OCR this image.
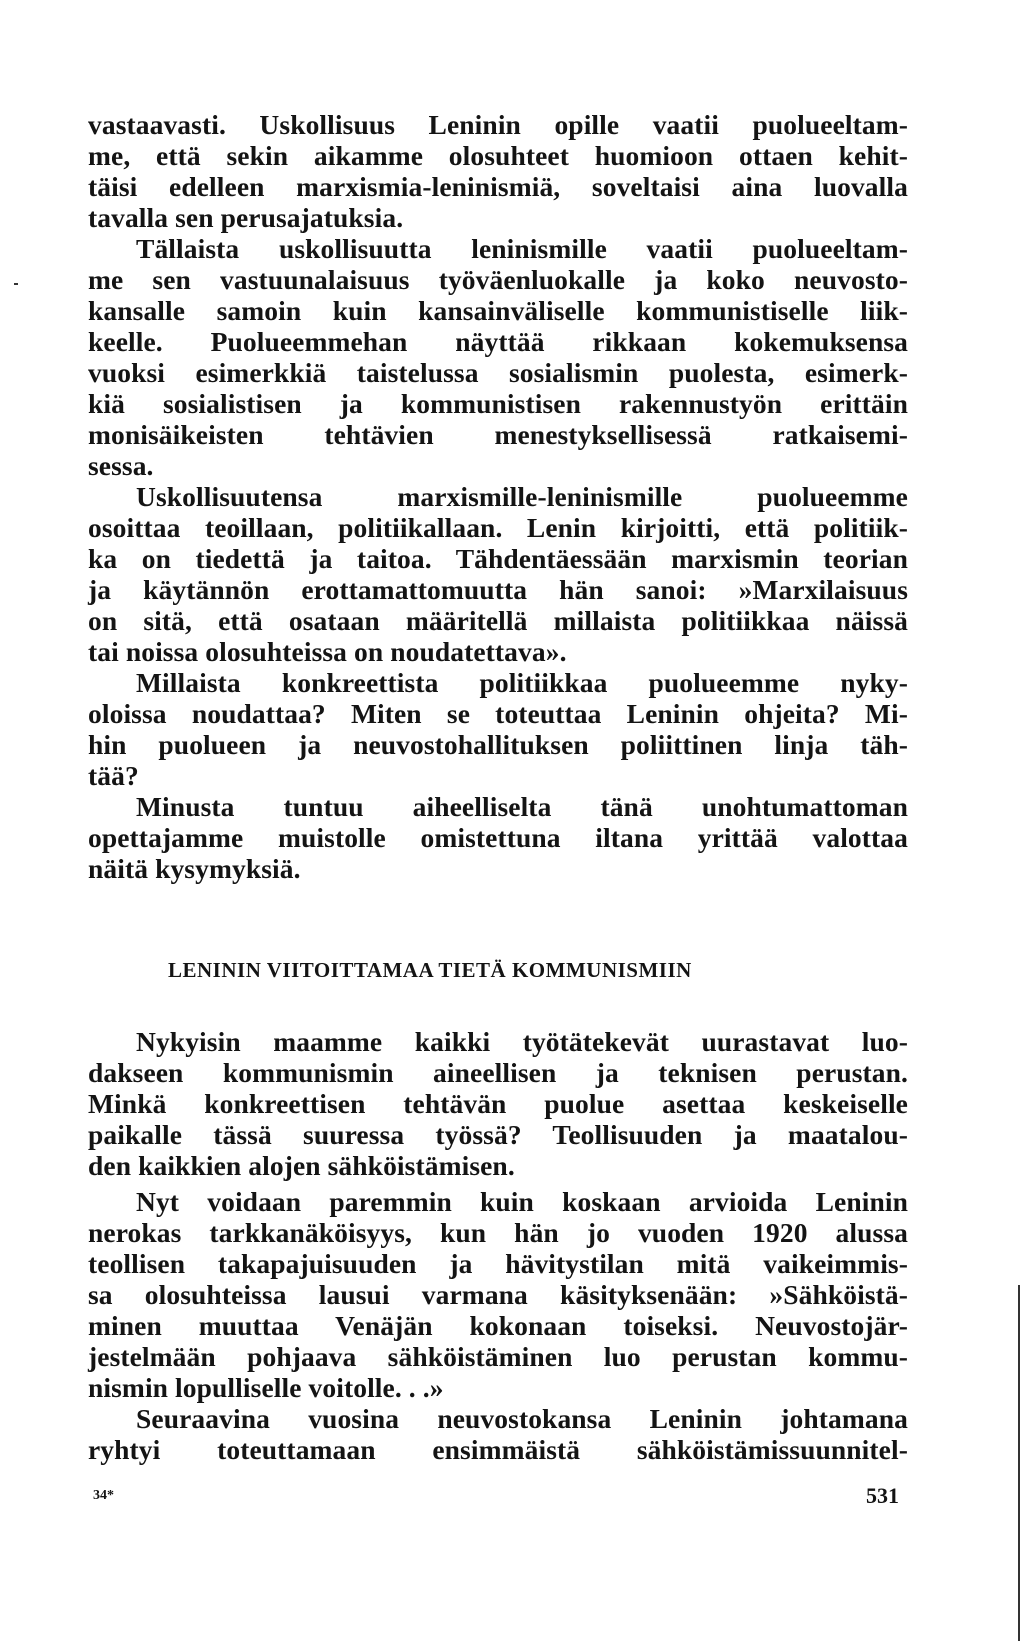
vastaavasti. Uskollisuus Leninin opille vaatii puolueeltam-
me, että sekin aikamme olosuhteet huomioon ottaen kehit-
täisi edelleen marxismia-leninismiä, soveltaisi aina luovalla
tavalla sen perusajatuksia.
Tällaista uskollisuutta leninismille vaatii puolueeltam-
me sen vastuunalaisuus työväenluokalle ja koko neuvosto-
kansalle samoin kuin kansainväliselle kommunistiselle liik-
keelle. Puolueemmehan näyttää rikkaan kokemuksensa
vuoksi esimerkkiä taistelussa sosialismin puolesta, esimerk-
kiä sosialistisen ja kommunistisen rakennustyön erittäin
monisäikeisten tehtävien menestyksellisessä ratkaisemi-
sessa.
Uskollisuutensa marxismille-leninismille puolueemme
osoittaa teoillaan, politiikallaan. Lenin kirjoitti, että politiik-
ka on tiedettä ja taitoa. Tähdentäessään marxismin teorian
ja käytännön erottamattomuutta hän sanoi: »Marxilaisuus
on sitä, että osataan määritellä millaista politiikkaa näissä
tai noissa olosuhteissa on noudatettava».
Millaista konkreettista politiikkaa puolueemme nyky-
oloissa noudattaa? Miten se toteuttaa Leninin ohjeita? Mi-
hin puolueen ja neuvostohallituksen poliittinen linja täh-
tää?
Minusta tuntuu aiheelliselta tänä unohtumattoman
opettajamme muistolle omistettuna iltana yrittää valottaa
näitä kysymyksiä.
LENININ VIITOITTAMAA TIETÄ KOMMUNISMIIN
Nykyisin maamme kaikki työtätekevät uurastavat luo-
dakseen kommunismin aineellisen ja teknisen perustan.
Minkä konkreettisen tehtävän puolue asettaa keskeiselle
paikalle tässä suuressa työssä? Teollisuuden ja maatalou-
den kaikkien alojen sähköistämisen.
Nyt voidaan paremmin kuin koskaan arvioida Leninin
nerokas tarkkanäköisyys, kun hän jo vuoden 1920 alussa
teollisen takapajuisuuden ja hävitystilan mitä vaikeimmis-
sa olosuhteissa lausui varmana käsityksenään: »Sähköistä-
minen muuttaa Venäjän kokonaan toiseksi. Neuvostojär-
jestelmään pohjaava sähköistäminen luo perustan kommu-
nismin lopulliselle voitolle. . .»
Seuraavina vuosina neuvostokansa Leninin johtamana
ryhtyi toteuttamaan ensimmäistä sähköistämissuunnitel-
34*	531
